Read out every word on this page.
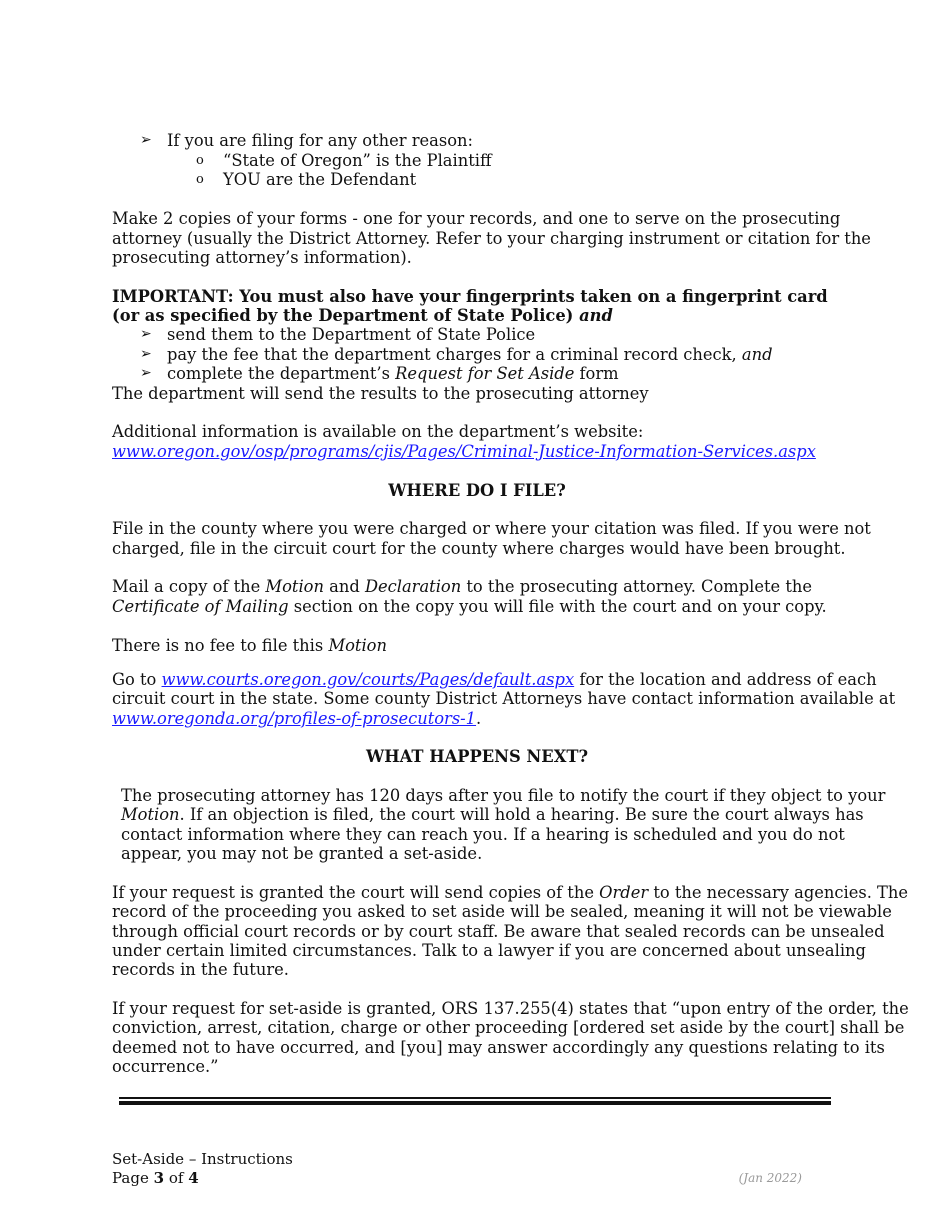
➢ If you are filing for any other reason:
o “State of Oregon” is the Plaintiff
o YOU are the Defendant
Make 2 copies of your forms - one for your records, and one to serve on the prosecuting
attorney (usually the District Attorney. Refer to your charging instrument or citation for the
prosecuting attorney’s information).
IMPORTANT: You must also have your fingerprints taken on a fingerprint card
(or as specified by the Department of State Police) and
➢ send them to the Department of State Police
➢ pay the fee that the department charges for a criminal record check, and
➢ complete the department’s Request for Set Aside form
The department will send the results to the prosecuting attorney
Additional information is available on the department’s website:
www.oregon.gov/osp/programs/cjis/Pages/Criminal-Justice-Information-Services.aspx
WHERE DO I FILE?
File in the county where you were charged or where your citation was filed. If you were not
charged, file in the circuit court for the county where charges would have been brought.
Mail a copy of the Motion and Declaration to the prosecuting attorney. Complete the
Certificate of Mailing section on the copy you will file with the court and on your copy.
There is no fee to file this Motion
Go to www.courts.oregon.gov/courts/Pages/default.aspx for the location and address of each
circuit court in the state. Some county District Attorneys have contact information available at
www.oregonda.org/profiles-of-prosecutors-1.
WHAT HAPPENS NEXT?
The prosecuting attorney has 120 days after you file to notify the court if they object to your
Motion. If an objection is filed, the court will hold a hearing. Be sure the court always has
contact information where they can reach you. If a hearing is scheduled and you do not
appear, you may not be granted a set-aside.
If your request is granted the court will send copies of the Order to the necessary agencies. The
record of the proceeding you asked to set aside will be sealed, meaning it will not be viewable
through official court records or by court staff. Be aware that sealed records can be unsealed
under certain limited circumstances. Talk to a lawyer if you are concerned about unsealing
records in the future.
If your request for set-aside is granted, ORS 137.255(4) states that “upon entry of the order, the
conviction, arrest, citation, charge or other proceeding [ordered set aside by the court] shall be
deemed not to have occurred, and [you] may answer accordingly any questions relating to its
occurrence.”
Set-Aside – Instructions
Page 3 of 4	(Jan 2022)
